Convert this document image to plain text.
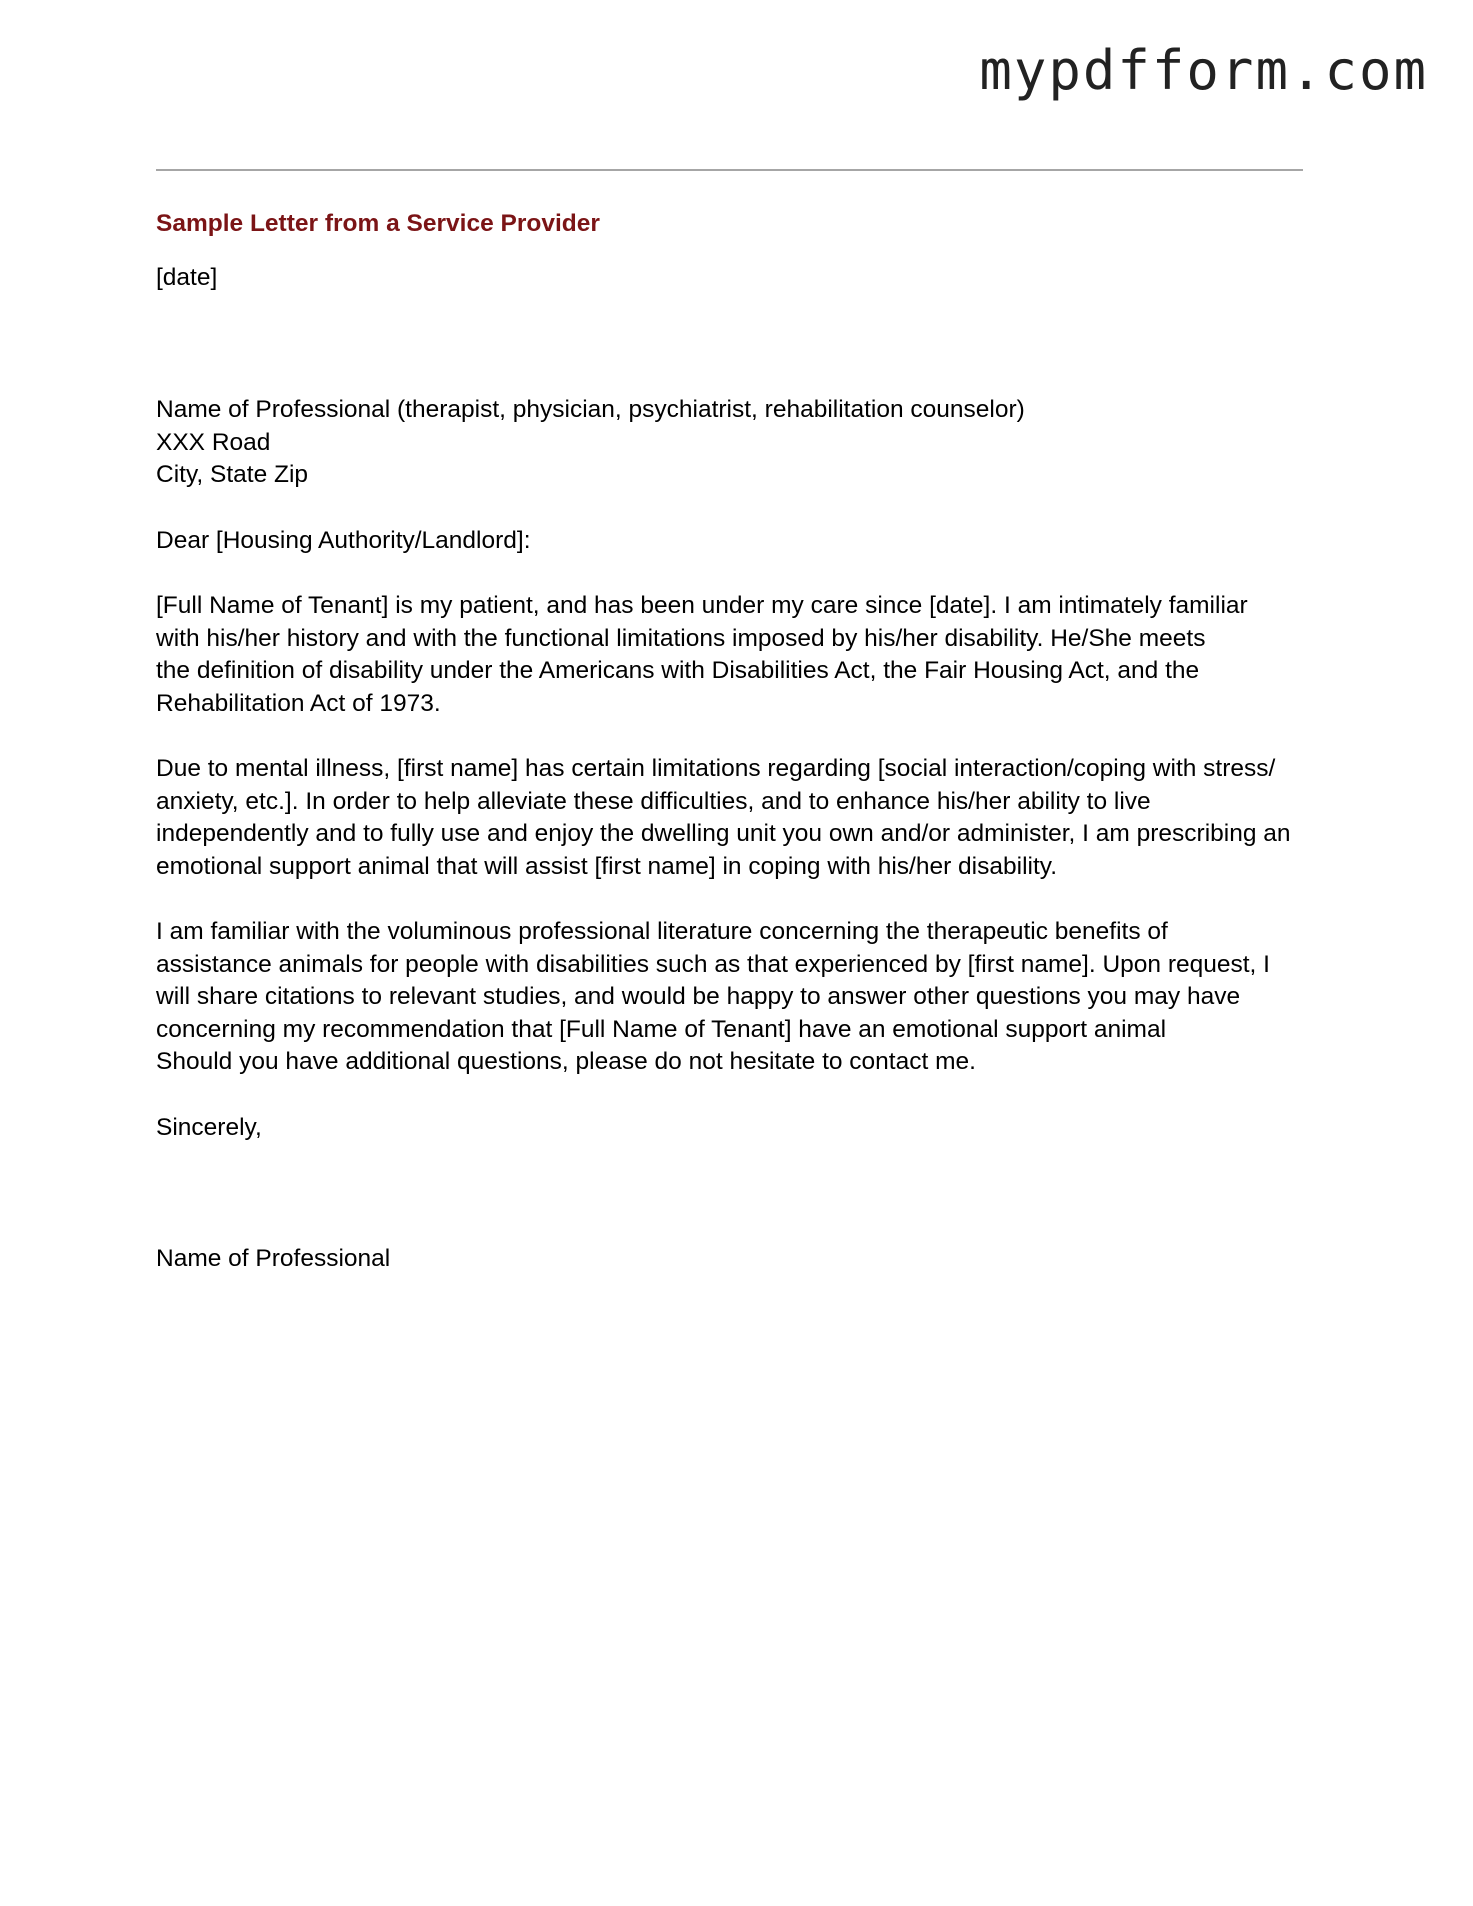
mypdfform.com
Sample Letter from a Service Provider
[date]
Name of Professional (therapist, physician, psychiatrist, rehabilitation counselor)
XXX Road
City, State Zip
Dear [Housing Authority/Landlord]:
[Full Name of Tenant] is my patient, and has been under my care since [date]. I am intimately familiar
with his/her history and with the functional limitations imposed by his/her disability. He/She meets
the definition of disability under the Americans with Disabilities Act, the Fair Housing Act, and the
Rehabilitation Act of 1973.
Due to mental illness, [first name] has certain limitations regarding [social interaction/coping with stress/
anxiety, etc.]. In order to help alleviate these difficulties, and to enhance his/her ability to live
independently and to fully use and enjoy the dwelling unit you own and/or administer, I am prescribing an
emotional support animal that will assist [first name] in coping with his/her disability.
I am familiar with the voluminous professional literature concerning the therapeutic benefits of
assistance animals for people with disabilities such as that experienced by [first name]. Upon request, I
will share citations to relevant studies, and would be happy to answer other questions you may have
concerning my recommendation that [Full Name of Tenant] have an emotional support animal
Should you have additional questions, please do not hesitate to contact me.
Sincerely,
Name of Professional
